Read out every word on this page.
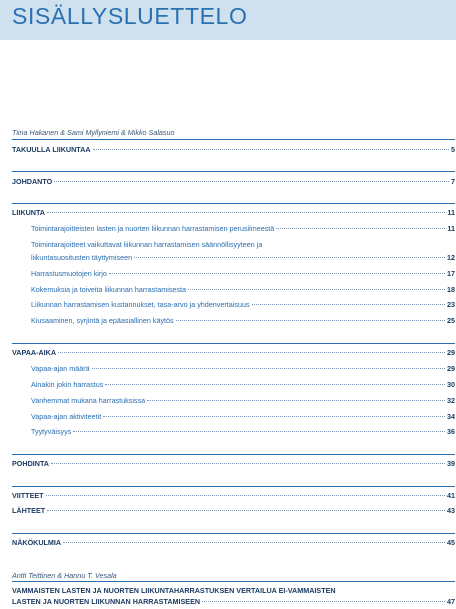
SISÄLLYSLUETTELO
Tiina Hakanen & Sami Myllyniemi & Mikko Salasuo
TAKUULLA LIIKUNTAA	5
JOHDANTO	7
LIIKUNTA	11
Toimintarajoitteisten lasten ja nuorten liikunnan harrastamisen perusilmeestä	11
Toimintarajoitteet vaikuttavat liikunnan harrastamisen säännöllisyyteen ja
liikuntasuositusten täyttymiseen	12
Harrastusmuotojen kirjo	17
Kokemuksia ja toiveita liikunnan harrastamisesta	18
Liikunnan harrastamisen kustannukset, tasa-arvo ja yhdenvertaisuus	23
Kiusaaminen, syrjintä ja epäasiallinen käytös	25
VAPAA-AIKA	29
Vapaa-ajan määrä	29
Ainakin jokin harrastus	30
Vanhemmat mukana harrastuksissa	32
Vapaa-ajan aktiviteetit	34
Tyytyväisyys	36
POHDINTA	39
VIITTEET	41
LÄHTEET	43
NÄKÖKULMIA	45
Antti Teittinen & Hannu T. Vesala
VAMMAISTEN LASTEN JA NUORTEN LIIKUNTAHARRASTUKSEN VERTAILUA EI-VAMMAISTEN
LASTEN JA NUORTEN LIIKUNNAN HARRASTAMISEEN	47
